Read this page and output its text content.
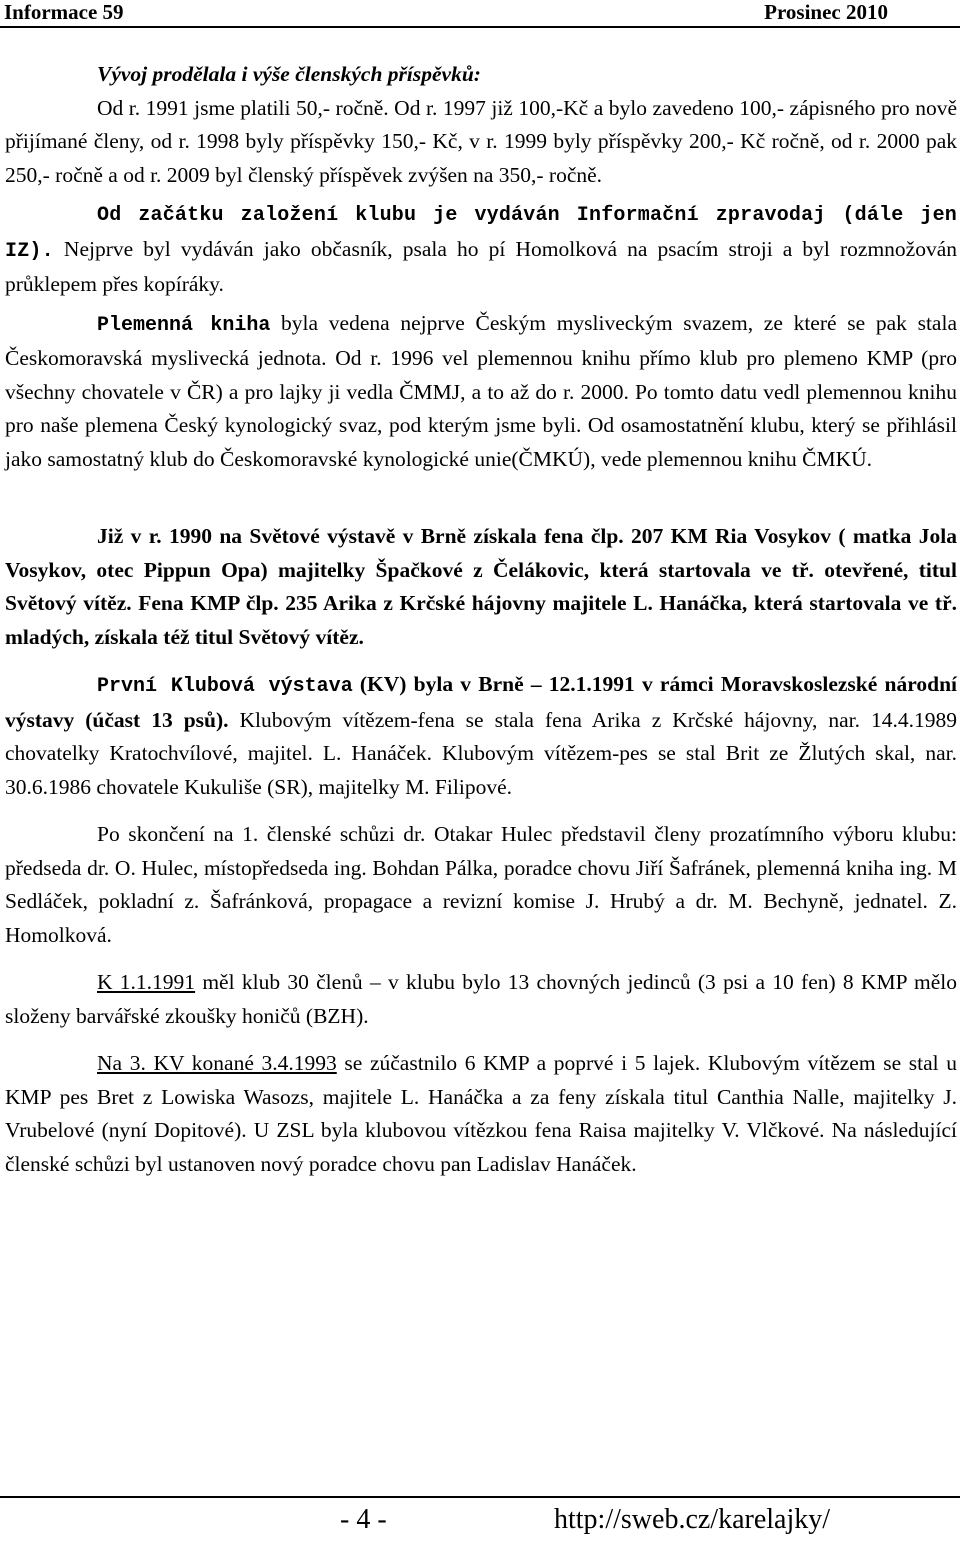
Informace 59	Prosinec 2010

Vývoj prodělala i výše členských příspěvků:

Od r. 1991 jsme platili 50,- ročně. Od r. 1997 již 100,-Kč a bylo zavedeno 100,- zápisného pro nově přijímané členy, od r. 1998 byly příspěvky 150,- Kč, v r. 1999 byly příspěvky 200,- Kč ročně, od r. 2000 pak 250,- ročně a od r. 2009 byl členský příspěvek zvýšen na 350,- ročně.

Od začátku založení klubu je vydáván Informační zpravodaj (dále jen IZ). Nejprve byl vydáván jako občasník, psala ho pí Homolková na psacím stroji a byl rozmnožován průklepem přes kopíráky.

Plemenná kniha byla vedena nejprve Českým mysliveckým svazem, ze které se pak stala Českomoravská myslivecká jednota. Od r. 1996 vel plemennou knihu přímo klub pro plemeno KMP (pro všechny chovatele v ČR) a pro lajky ji vedla ČMMJ, a to až do r. 2000. Po tomto datu vedl plemennou knihu pro naše plemena Český kynologický svaz, pod kterým jsme byli. Od osamostatnění klubu, který se přihlásil jako samostatný klub do Českomoravské kynologické unie(ČMKÚ), vede plemennou knihu ČMKÚ.

Již v r. 1990 na Světové výstavě v Brně získala fena člp. 207 KM Ria Vosykov ( matka Jola Vosykov, otec Pippun Opa) majitelky Špačkové z Čelákovic, která startovala ve tř. otevřené, titul Světový vítěz. Fena KMP člp. 235 Arika z Krčské hájovny majitele L. Hanáčka, která startovala ve tř. mladých, získala též titul Světový vítěz.

První Klubová výstava (KV) byla v Brně – 12.1.1991 v rámci Moravskoslezské národní výstavy (účast 13 psů). Klubovým vítězem-fena se stala fena Arika z Krčské hájovny, nar. 14.4.1989 chovatelky Kratochvílové, majitel. L. Hanáček. Klubovým vítězem-pes se stal Brit ze Žlutých skal, nar. 30.6.1986 chovatele Kukuliše (SR), majitelky M. Filipové.

Po skončení na 1. členské schůzi dr. Otakar Hulec představil členy prozatímního výboru klubu: předseda dr. O. Hulec, místopředseda ing. Bohdan Pálka, poradce chovu Jiří Šafránek, plemenná kniha ing. M Sedláček, pokladní z. Šafránková, propagace a revizní komise J. Hrubý a dr. M. Bechyně, jednatel. Z. Homolková.

K 1.1.1991 měl klub 30 členů – v klubu bylo 13 chovných jedinců (3 psi a 10 fen) 8 KMP mělo složeny barvářské zkoušky honičů (BZH).

Na 3. KV konané 3.4.1993 se zúčastnilo 6 KMP a poprvé i 5 lajek. Klubovým vítězem se stal u KMP pes Bret z Lowiska Wasozs, majitele L. Hanáčka a za feny získala titul Canthia Nalle, majitelky J. Vrubelové (nyní Dopitové). U ZSL byla klubovou vítězkou fena Raisa majitelky V. Vlčkové. Na následující členské schůzi byl ustanoven nový poradce chovu pan Ladislav Hanáček.

- 4 -	http://sweb.cz/karelajky/
